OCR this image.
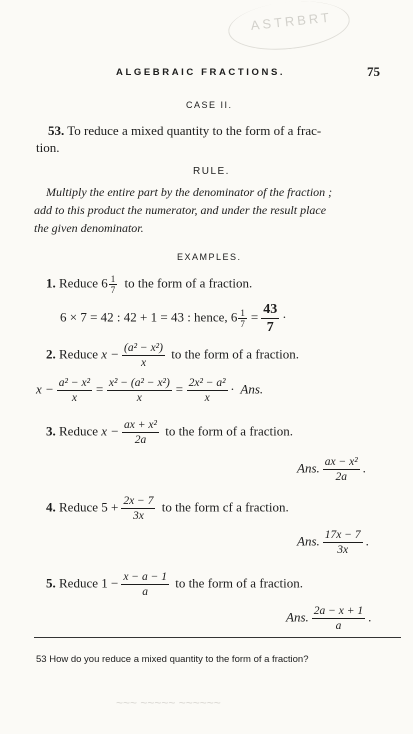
ASTRBRT
ALGEBRAIC FRACTIONS.	75
CASE II.
53. To reduce a mixed quantity to the form of a frac-
tion.
RULE.
Multiply the entire part by the denominator of the fraction ;
add to this product the numerator, and under the result place
the given denominator.
EXAMPLES.
1. Reduce $6 \frac{1}{7}$ to the form of a fraction.
6 × 7 = 42 : 42 + 1 = 43 : hence, $6 \frac{1}{7} = \frac{43}{7}$ ·
2. Reduce $x - \frac{\text{(a² − x²)}}{x}$ to the form of a fraction.
$x - \frac{\text{a² − x²}}{x} = \frac{\text{x² − (a² − x²)}}{x} = \frac{\text{2x² − a²}}{x}$ ·  Ans.
3. Reduce $x - \frac{\text{ax + x²}}{2a}$ to the form of a fraction.
Ans. $\frac{\text{ax − x²}}{2a}$ .
4. Reduce $5 + \frac{2x - 7}{3x}$ to the form cf a fraction.
Ans. $\frac{17x - 7}{3x}$ .
5. Reduce $1 - \frac{x - a - 1}{a}$ to the form of a fraction.
Ans. $\frac{2a - x + 1}{a}$ .
53 How do you reduce a mixed quantity to the form of a fraction?
~~~ ~~~~~ ~~~~~~
